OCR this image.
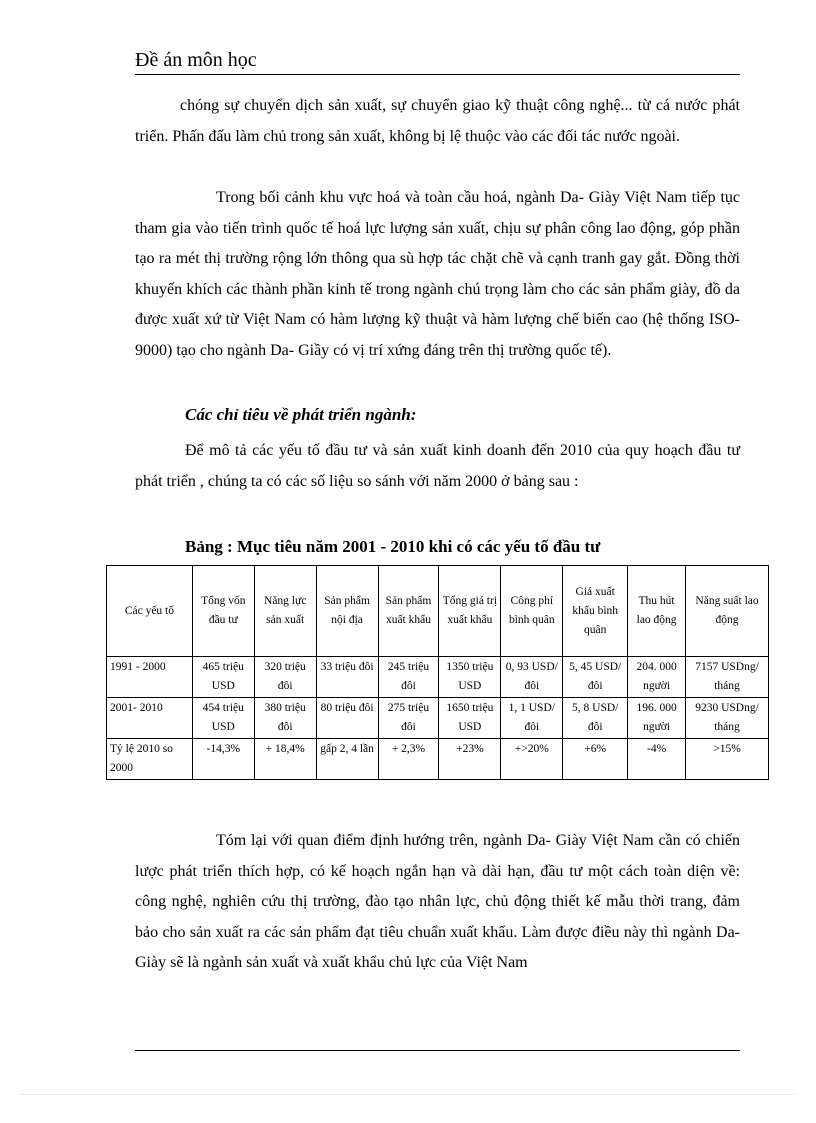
Đề án môn học

chóng sự chuyển dịch sản xuất, sự chuyển giao kỹ thuật công nghệ... từ cá nước phát triển. Phấn đấu làm chủ trong sản xuất, không bị lệ thuộc vào các đối tác nước ngoài.

Trong bối cảnh khu vực hoá và toàn cầu hoá, ngành Da- Giày Việt Nam tiếp tục tham gia vào tiến trình quốc tế hoá lực lượng sản xuất, chịu sự phân công lao động, góp phần tạo ra mét thị trường rộng lớn thông qua sù hợp tác chặt chẽ và cạnh tranh gay gắt. Đồng thời khuyến khích các thành phần kinh tế trong ngành chú trọng làm cho các sản phẩm giày, đồ da được xuất xứ từ Việt Nam có hàm lượng kỹ thuật và hàm lượng chế biến cao (hệ thống ISO-9000) tạo cho ngành Da- Giầy có vị trí xứng đáng trên thị trường quốc tế).

Các chỉ tiêu về phát triển ngành:

Để mô tả các yếu tố đầu tư và sản xuất kinh doanh đến 2010 của quy hoạch đầu tư phát triển , chúng ta có các số liệu so sánh với năm 2000 ở bảng sau :

Bảng : Mục tiêu năm 2001 - 2010 khi có các yếu tố đầu tư

Các yếu tố	Tổng vốn đầu tư	Năng lực sản xuất	Sản phẩm nội địa	Sản phẩm xuất khẩu	Tổng giá trị xuất khẩu	Công phí bình quân	Giá xuất khẩu bình quân	Thu hút lao động	Năng suất lao động
1991 - 2000	465 triệu USD	320 triệu đôi	33 triệu đôi	245 triệu đôi	1350 triệu USD	0, 93 USD/ đôi	5, 45 USD/ đôi	204. 000 người	7157 USDng/ tháng
2001- 2010	454 triệu USD	380 triệu đôi	80 triệu đôi	275 triệu đôi	1650 triệu USD	1, 1 USD/ đôi	5, 8 USD/ đôi	196. 000 người	9230 USDng/ tháng
Tỷ lệ 2010 so 2000	-14,3%	+ 18,4%	gấp 2, 4 lần	+ 2,3%	+23%	+>20%	+6%	-4%	>15%

Tóm lại với quan điểm định hướng trên, ngành Da- Giày Việt Nam cần có chiến lược phát triển thích hợp, có kế hoạch ngắn hạn và dài hạn, đầu tư một cách toàn diện về: công nghệ, nghiên cứu thị trường, đào tạo nhân lực, chủ động thiết kế mẫu thời trang, đảm bảo cho sản xuất ra các sản phẩm đạt tiêu chuẩn xuất khẩu. Làm được điều này thì ngành Da-Giày sẽ là ngành sản xuất và xuất khẩu chủ lực của Việt Nam
